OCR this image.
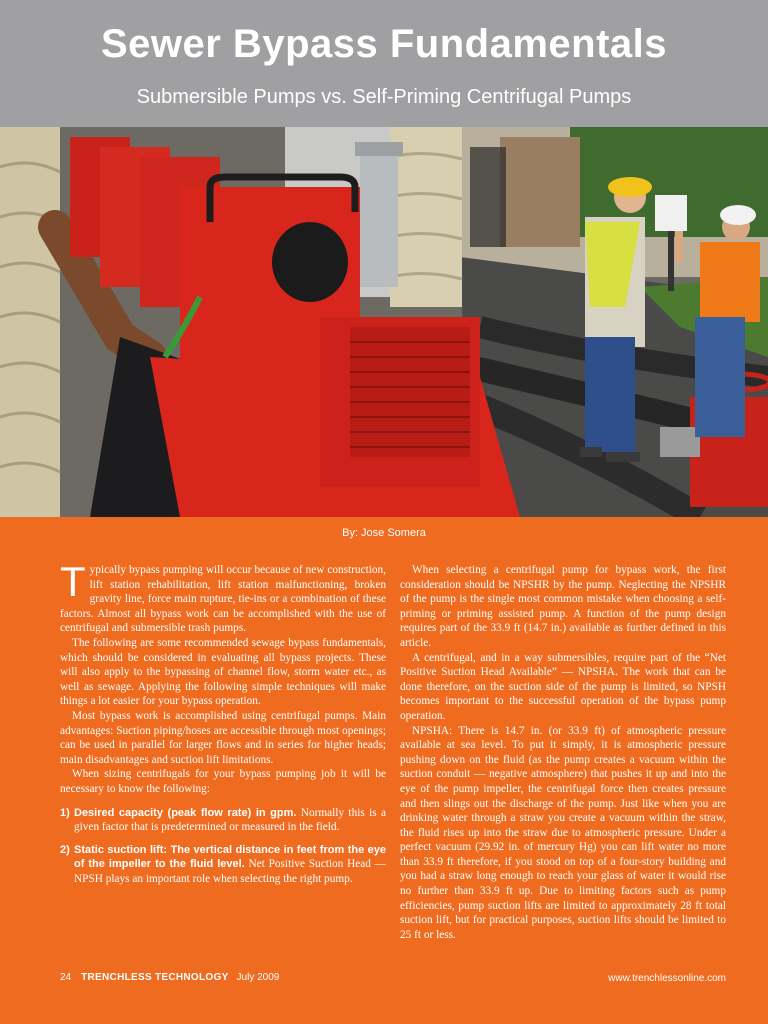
Sewer Bypass Fundamentals
Submersible Pumps vs. Self-Priming Centrifugal Pumps
By: Jose Somera

Typically bypass pumping will occur because of new construction, lift station rehabilitation, lift station malfunctioning, broken gravity line, force main rupture, tie-ins or a combination of these factors. Almost all bypass work can be accomplished with the use of centrifugal and submersible trash pumps.

The following are some recommended sewage bypass fundamentals, which should be considered in evaluating all bypass projects. These will also apply to the bypassing of channel flow, storm water etc., as well as sewage. Applying the following simple techniques will make things a lot easier for your bypass operation.

Most bypass work is accomplished using centrifugal pumps. Main advantages: Suction piping/hoses are accessible through most openings; can be used in parallel for larger flows and in series for higher heads; main disadvantages and suction lift limitations.

When sizing centrifugals for your bypass pumping job it will be necessary to know the following:

1) Desired capacity (peak flow rate) in gpm. Normally this is a given factor that is predetermined or measured in the field.
2) Static suction lift: The vertical distance in feet from the eye of the impeller to the fluid level. Net Positive Suction Head — NPSH plays an important role when selecting the right pump.

When selecting a centrifugal pump for bypass work, the first consideration should be NPSHR by the pump. Neglecting the NPSHR of the pump is the single most common mistake when choosing a self-priming or priming assisted pump. A function of the pump design requires part of the 33.9 ft (14.7 in.) available as further defined in this article.

A centrifugal, and in a way submersibles, require part of the “Net Positive Suction Head Available” — NPSHA. The work that can be done therefore, on the suction side of the pump is limited, so NPSH becomes important to the successful operation of the bypass pump operation.

NPSHA: There is 14.7 in. (or 33.9 ft) of atmospheric pressure available at sea level. To put it simply, it is atmospheric pressure pushing down on the fluid (as the pump creates a vacuum within the suction conduit — negative atmosphere) that pushes it up and into the eye of the pump impeller, the centrifugal force then creates pressure and then slings out the discharge of the pump. Just like when you are drinking water through a straw you create a vacuum within the straw, the fluid rises up into the straw due to atmospheric pressure. Under a perfect vacuum (29.92 in. of mercury Hg) you can lift water no more than 33.9 ft therefore, if you stood on top of a four-story building and you had a straw long enough to reach your glass of water it would rise no further than 33.9 ft up. Due to limiting factors such as pump efficiencies, pump suction lifts are limited to approximately 28 ft total suction lift, but for practical purposes, suction lifts should be limited to 25 ft or less.

24 TRENCHLESS TECHNOLOGY July 2009	www.trenchlessonline.com
